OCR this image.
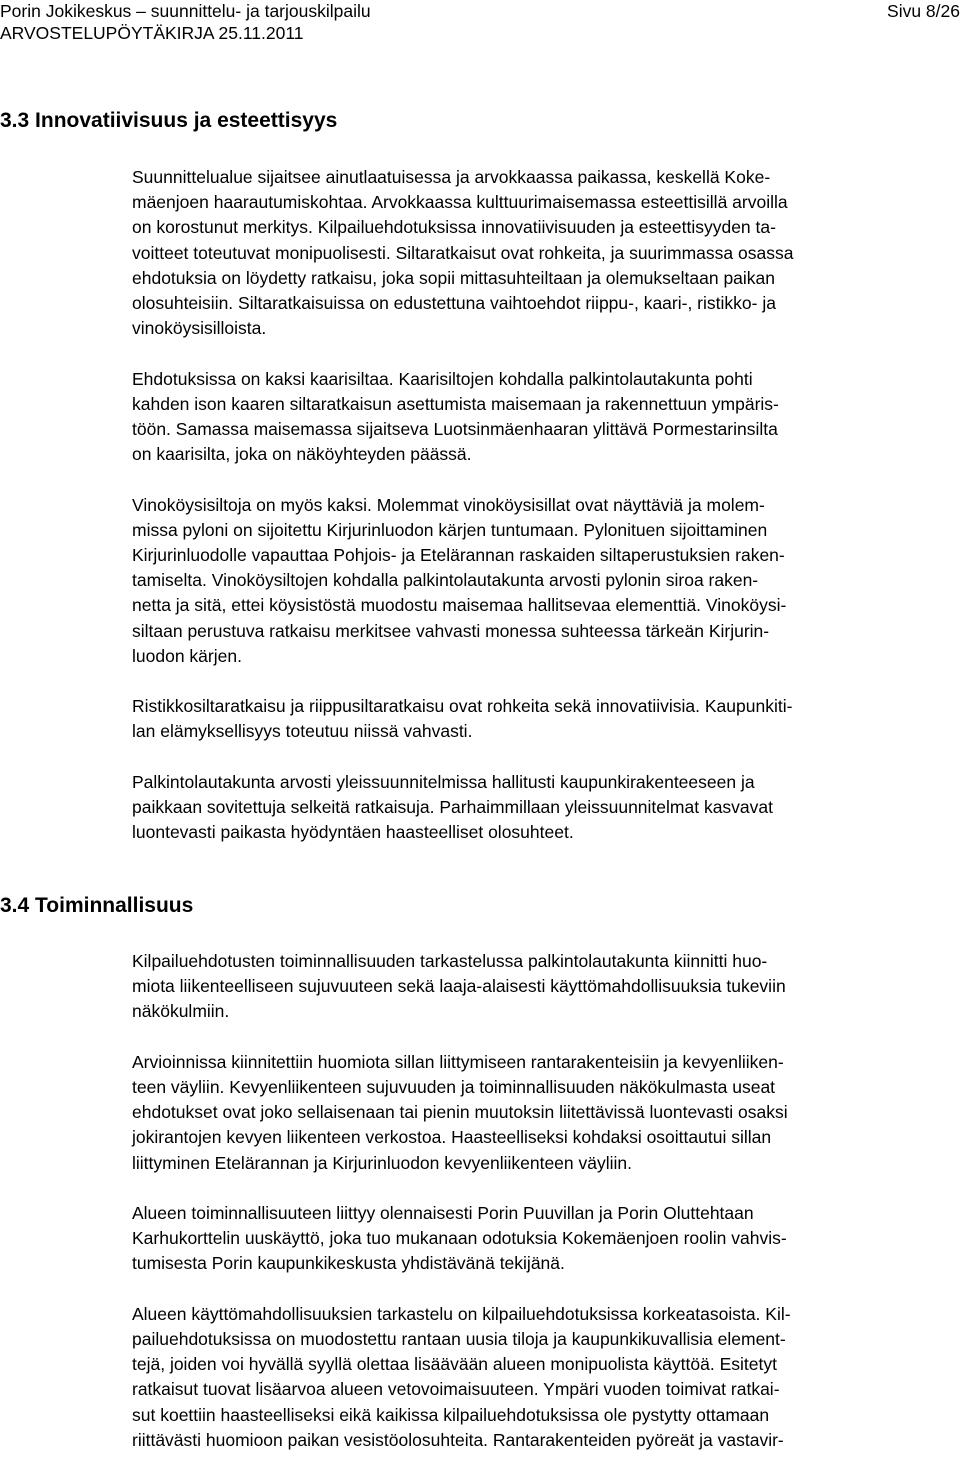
Porin Jokikeskus – suunnittelu- ja tarjouskilpailu	Sivu 8/26
ARVOSTELUPÖYTÄKIRJA 25.11.2011
3.3 Innovatiivisuus ja esteettisyys
Suunnittelualue sijaitsee ainutlaatuisessa ja arvokkaassa paikassa, keskellä Koke-
mäenjoen haarautumiskohtaa. Arvokkaassa kulttuurimaisemassa esteettisillä arvoilla
on korostunut merkitys. Kilpailuehdotuksissa innovatiivisuuden ja esteettisyyden ta-
voitteet toteutuvat monipuolisesti. Siltaratkaisut ovat rohkeita, ja suurimmassa osassa
ehdotuksia on löydetty ratkaisu, joka sopii mittasuhteiltaan ja olemukseltaan paikan
olosuhteisiin. Siltaratkaisuissa on edustettuna vaihtoehdot riippu-, kaari-, ristikko- ja
vinoköysisilloista.
Ehdotuksissa on kaksi kaarisiltaa. Kaarisiltojen kohdalla palkintolautakunta pohti
kahden ison kaaren siltaratkaisun asettumista maisemaan ja rakennettuun ympäris-
töön. Samassa maisemassa sijaitseva Luotsinmäenhaaran ylittävä Pormestarinsilta
on kaarisilta, joka on näköyhteyden päässä.
Vinoköysisiltoja on myös kaksi. Molemmat vinoköysisillat ovat näyttäviä ja molem-
missa pyloni on sijoitettu Kirjurinluodon kärjen tuntumaan. Pylonituen sijoittaminen
Kirjurinluodolle vapauttaa Pohjois- ja Etelärannan raskaiden siltaperustuksien raken-
tamiselta. Vinoköysiltojen kohdalla palkintolautakunta arvosti pylonin siroa raken-
netta ja sitä, ettei köysistöstä muodostu maisemaa hallitsevaa elementtiä. Vinoköysi-
siltaan perustuva ratkaisu merkitsee vahvasti monessa suhteessa tärkeän Kirjurin-
luodon kärjen.
Ristikkosiltaratkaisu ja riippusiltaratkaisu ovat rohkeita sekä innovatiivisia. Kaupunkiti-
lan elämyksellisyys toteutuu niissä vahvasti.
Palkintolautakunta arvosti yleissuunnitelmissa hallitusti kaupunkirakenteeseen ja
paikkaan sovitettuja selkeitä ratkaisuja. Parhaimmillaan yleissuunnitelmat kasvavat
luontevasti paikasta hyödyntäen haasteelliset olosuhteet.
3.4 Toiminnallisuus
Kilpailuehdotusten toiminnallisuuden tarkastelussa palkintolautakunta kiinnitti huo-
miota liikenteelliseen sujuvuuteen sekä laaja-alaisesti käyttömahdollisuuksia tukeviin
näkökulmiin.
Arvioinnissa kiinnitettiin huomiota sillan liittymiseen rantarakenteisiin ja kevyenliiken-
teen väyliin. Kevyenliikenteen sujuvuuden ja toiminnallisuuden näkökulmasta useat
ehdotukset ovat joko sellaisenaan tai pienin muutoksin liitettävissä luontevasti osaksi
jokirantojen kevyen liikenteen verkostoa. Haasteelliseksi kohdaksi osoittautui sillan
liittyminen Etelärannan ja Kirjurinluodon kevyenliikenteen väyliin.
Alueen toiminnallisuuteen liittyy olennaisesti Porin Puuvillan ja Porin Oluttehtaan
Karhukorttelin uuskäyttö, joka tuo mukanaan odotuksia Kokemäenjoen roolin vahvis-
tumisesta Porin kaupunkikeskusta yhdistävänä tekijänä.
Alueen käyttömahdollisuuksien tarkastelu on kilpailuehdotuksissa korkeatasoista. Kil-
pailuehdotuksissa on muodostettu rantaan uusia tiloja ja kaupunkikuvallisia element-
tejä, joiden voi hyvällä syyllä olettaa lisäävään alueen monipuolista käyttöä. Esitetyt
ratkaisut tuovat lisäarvoa alueen vetovoimaisuuteen. Ympäri vuoden toimivat ratkai-
sut koettiin haasteelliseksi eikä kaikissa kilpailuehdotuksissa ole pystytty ottamaan
riittävästi huomioon paikan vesistöolosuhteita. Rantarakenteiden pyöreät ja vastavir-
